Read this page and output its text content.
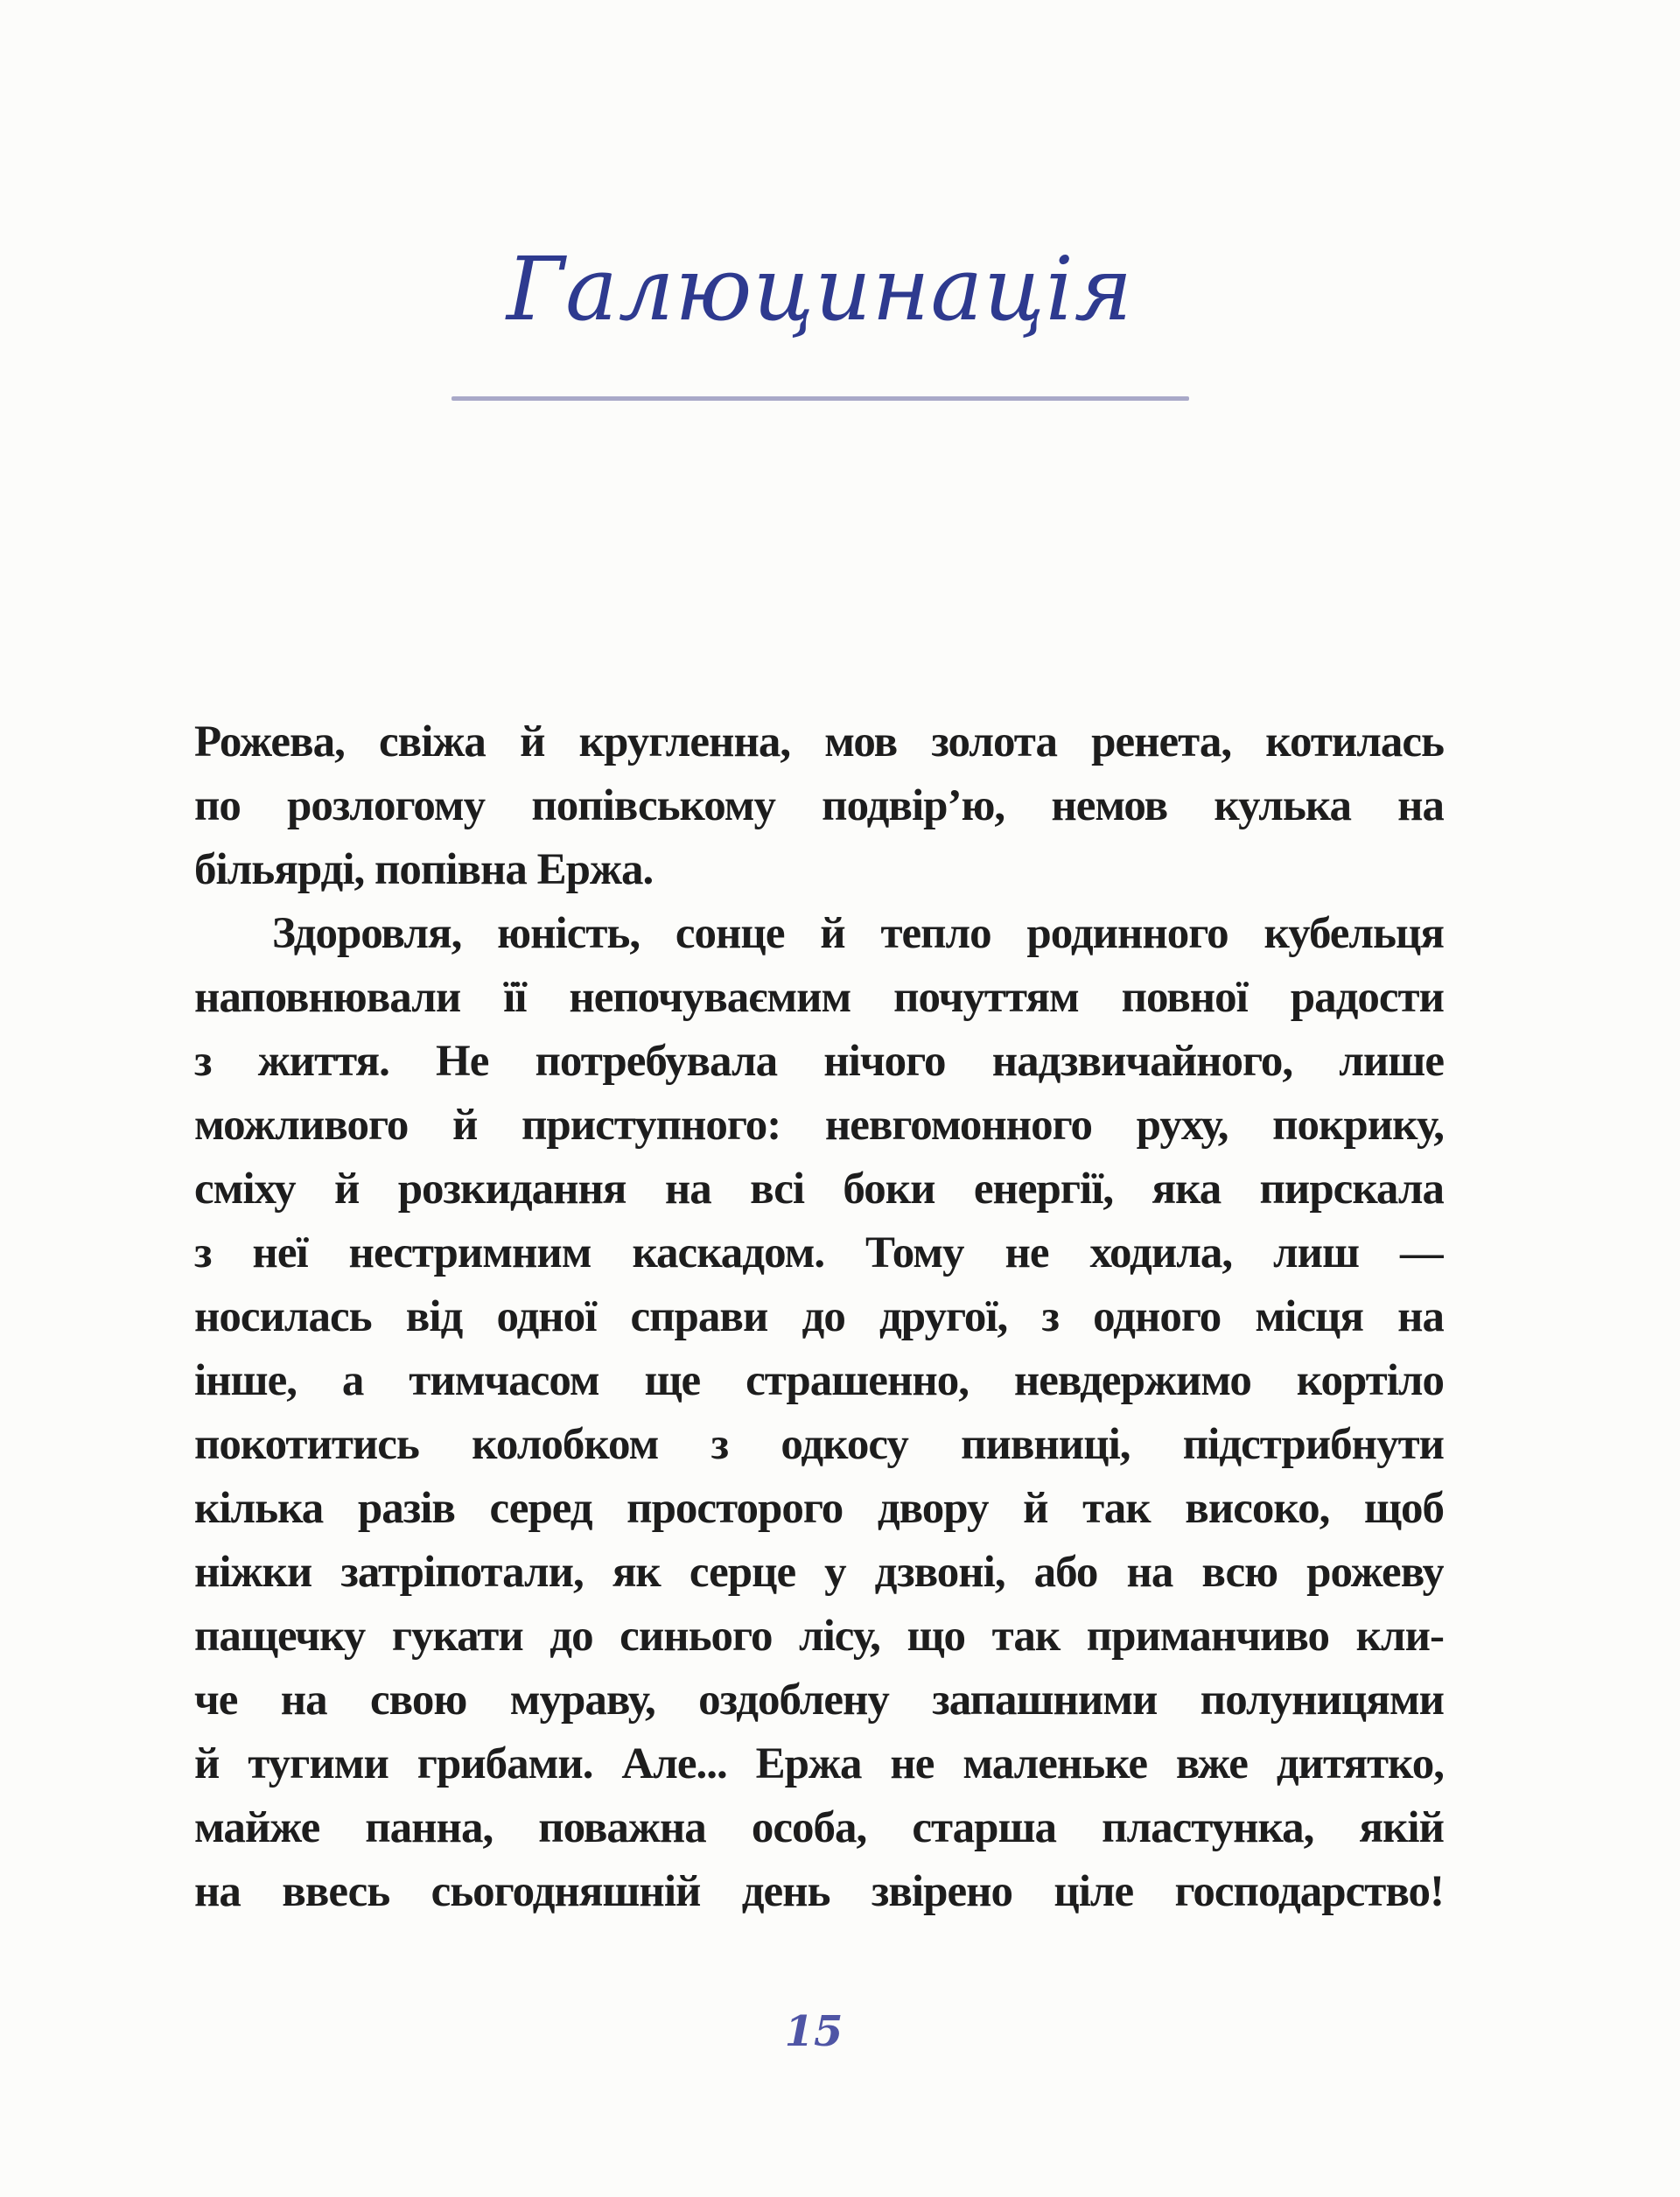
Галюцинація
Рожева, свіжа й кругленна, мов золота ренета, котилась
по розлогому попівському подвір’ю, немов кулька на
більярді, попівна Ержа.
Здоровля, юність, сонце й тепло родинного кубельця
наповнювали її непочуваємим почуттям повної радости
з життя. Не потребувала нічого надзвичайного, лише
можливого й приступного: невгомонного руху, покрику,
сміху й розкидання на всі боки енергії, яка пирскала
з неї нестримним каскадом. Тому не ходила, лиш —
носилась від одної справи до другої, з одного місця на
інше, а тимчасом ще страшенно, невдержимо кортіло
покотитись колобком з одкосу пивниці, підстрибнути
кілька разів серед просторого двору й так високо, щоб
ніжки затріпотали, як серце у дзвоні, або на всю рожеву
пащечку гукати до синього лісу, що так приманчиво кли-
че на свою мураву, оздоблену запашними полуницями
й тугими грибами. Але... Ержа не маленьке вже дитятко,
майже панна, поважна особа, старша пластунка, якій
на ввесь сьогодняшній день звірено ціле господарство!
15
